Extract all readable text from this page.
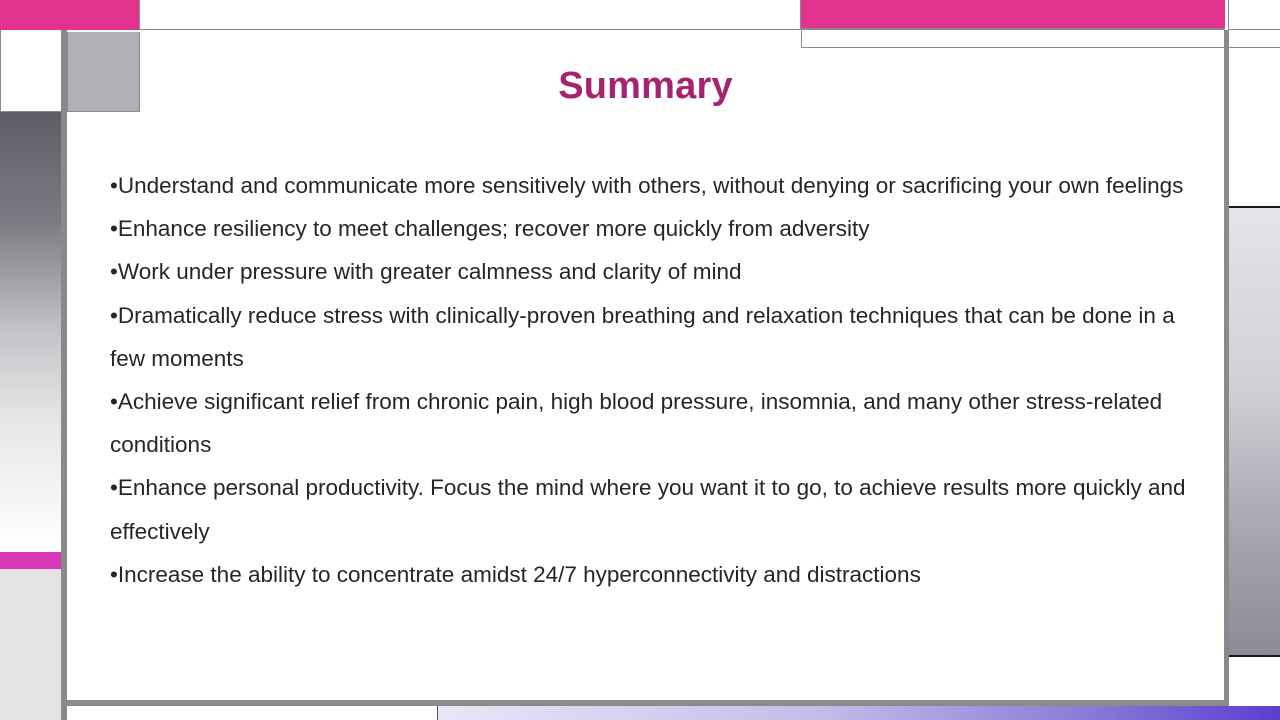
Summary
•Understand and communicate more sensitively with others, without denying or sacrificing your own feelings
•Enhance resiliency to meet challenges; recover more quickly from adversity
•Work under pressure with greater calmness and clarity of mind
•Dramatically reduce stress with clinically-proven breathing and relaxation techniques that can be done in a few moments
•Achieve significant relief from chronic pain, high blood pressure, insomnia, and many other stress-related conditions
•Enhance personal productivity. Focus the mind where you want it to go, to achieve results more quickly and effectively
•Increase the ability to concentrate amidst 24/7 hyperconnectivity and distractions
